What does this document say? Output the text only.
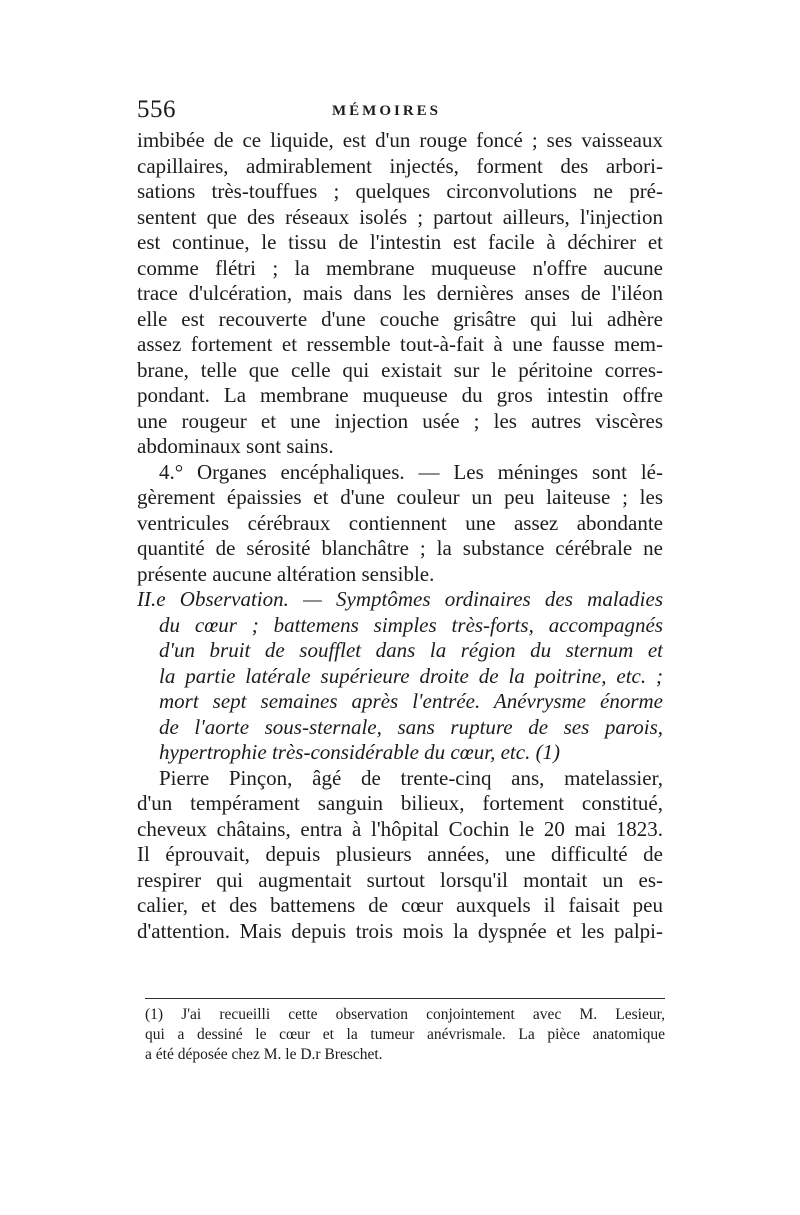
556	MÉMOIRES
imbibée de ce liquide, est d'un rouge foncé ; ses vaisseaux
capillaires, admirablement injectés, forment des arbori-
sations très-touffues ; quelques circonvolutions ne pré-
sentent que des réseaux isolés ; partout ailleurs, l'injection
est continue, le tissu de l'intestin est facile à déchirer et
comme flétri ; la membrane muqueuse n'offre aucune
trace d'ulcération, mais dans les dernières anses de l'iléon
elle est recouverte d'une couche grisâtre qui lui adhère
assez fortement et ressemble tout-à-fait à une fausse mem-
brane, telle que celle qui existait sur le péritoine corres-
pondant. La membrane muqueuse du gros intestin offre
une rougeur et une injection usée ; les autres viscères
abdominaux sont sains.
4.° Organes encéphaliques. — Les méninges sont lé-
gèrement épaissies et d'une couleur un peu laiteuse ; les
ventricules cérébraux contiennent une assez abondante
quantité de sérosité blanchâtre ; la substance cérébrale ne
présente aucune altération sensible.
II.e Observation. — Symptômes ordinaires des maladies
du cœur ; battemens simples très-forts, accompagnés
d'un bruit de soufflet dans la région du sternum et
la partie latérale supérieure droite de la poitrine, etc. ;
mort sept semaines après l'entrée. Anévrysme énorme
de l'aorte sous-sternale, sans rupture de ses parois,
hypertrophie très-considérable du cœur, etc. (1)
Pierre Pinçon, âgé de trente-cinq ans, matelassier,
d'un tempérament sanguin bilieux, fortement constitué,
cheveux châtains, entra à l'hôpital Cochin le 20 mai 1823.
Il éprouvait, depuis plusieurs années, une difficulté de
respirer qui augmentait surtout lorsqu'il montait un es-
calier, et des battemens de cœur auxquels il faisait peu
d'attention. Mais depuis trois mois la dyspnée et les palpi-
(1) J'ai recueilli cette observation conjointement avec M. Lesieur,
qui a dessiné le cœur et la tumeur anévrismale. La pièce anatomique
a été déposée chez M. le D.r Breschet.
